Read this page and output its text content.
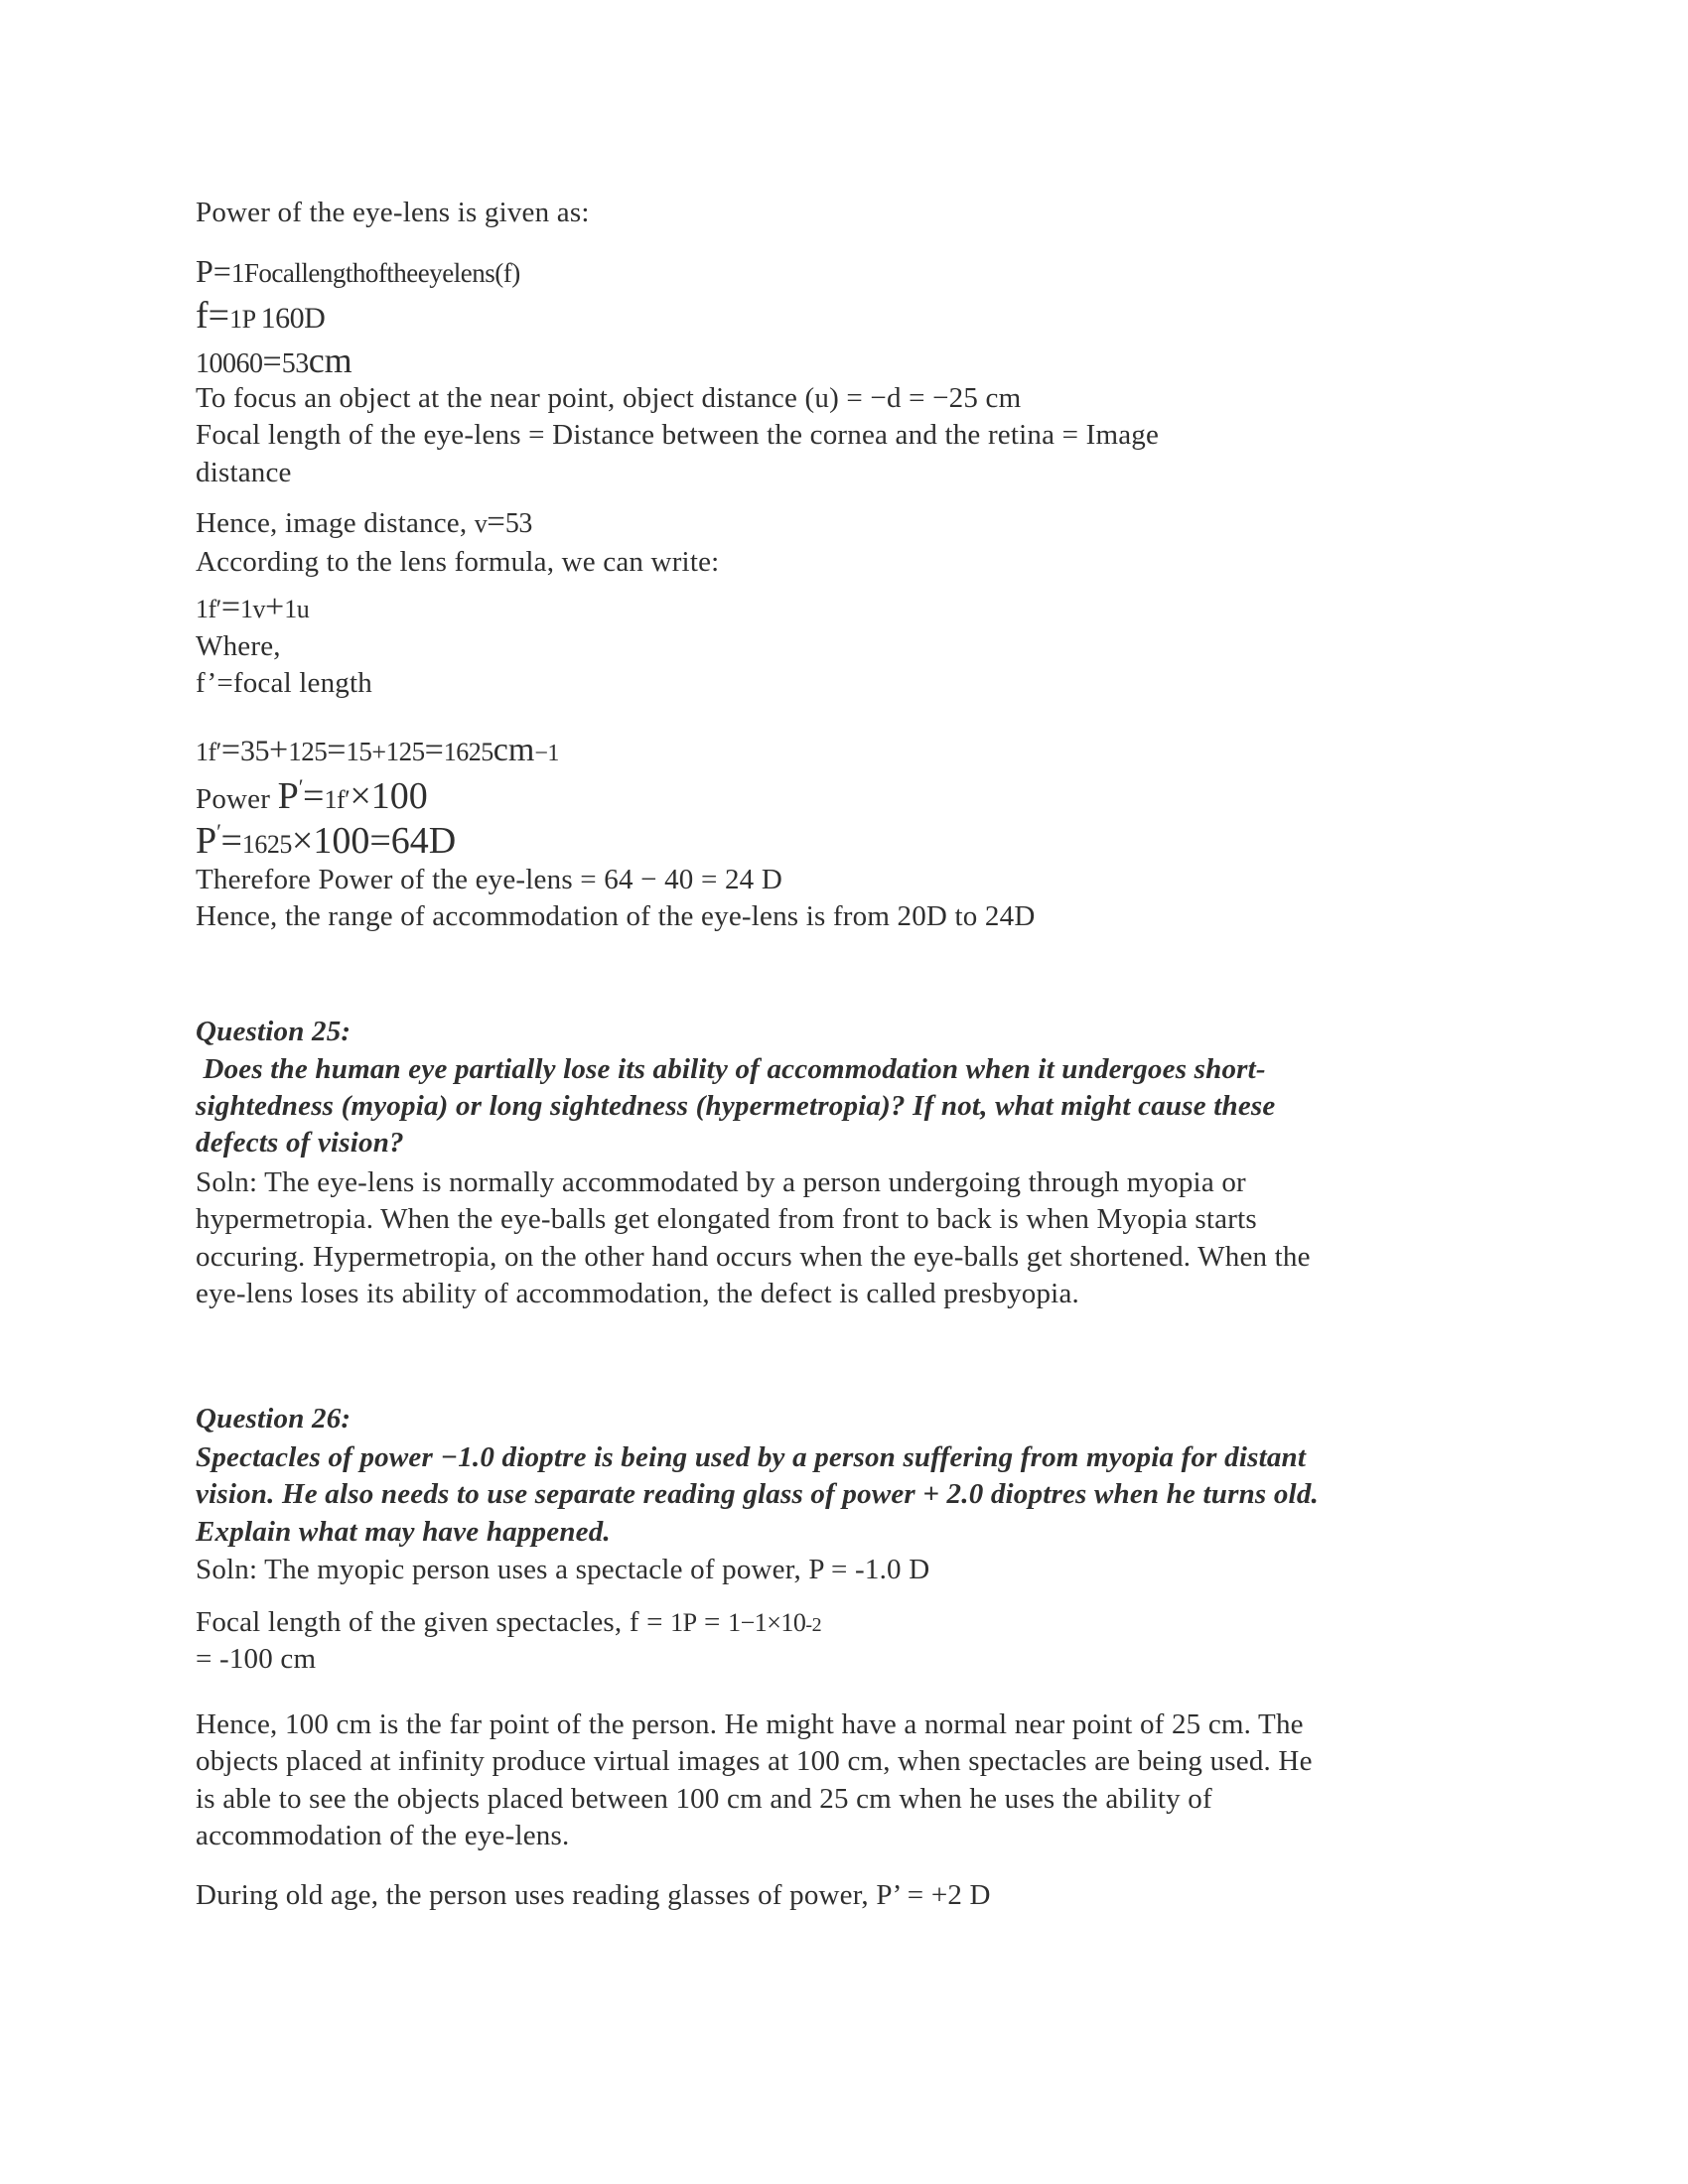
Power of the eye-lens is given as:
P=1Focallengthoftheeyelens(f)
f=1P 160D
10060=53cm
To focus an object at the near point, object distance (u) = −d = −25 cm
Focal length of the eye-lens = Distance between the cornea and the retina = Image
distance
Hence, image distance, v=53
According to the lens formula, we can write:
1f′=1v+1u
Where,
f’=focal length
1f′=35+125=15+125=1625cm−1
Power P′=1f′×100
P′=1625×100=64D
Therefore Power of the eye-lens = 64 − 40 = 24 D
Hence, the range of accommodation of the eye-lens is from 20D to 24D
Question 25:
Does the human eye partially lose its ability of accommodation when it undergoes short-
sightedness (myopia) or long sightedness (hypermetropia)? If not, what might cause these
defects of vision?
Soln: The eye-lens is normally accommodated by a person undergoing through myopia or
hypermetropia. When the eye-balls get elongated from front to back is when Myopia starts
occuring. Hypermetropia, on the other hand occurs when the eye-balls get shortened. When the
eye-lens loses its ability of accommodation, the defect is called presbyopia.
Question 26:
Spectacles of power −1.0 dioptre is being used by a person suffering from myopia for distant
vision. He also needs to use separate reading glass of power + 2.0 dioptres when he turns old.
Explain what may have happened.
Soln: The myopic person uses a spectacle of power, P = -1.0 D
Focal length of the given spectacles, f = 1P = 1−1×10-2
= -100 cm
Hence, 100 cm is the far point of the person. He might have a normal near point of 25 cm. The
objects placed at infinity produce virtual images at 100 cm, when spectacles are being used. He
is able to see the objects placed between 100 cm and 25 cm when he uses the ability of
accommodation of the eye-lens.
During old age, the person uses reading glasses of power, P’ = +2 D
